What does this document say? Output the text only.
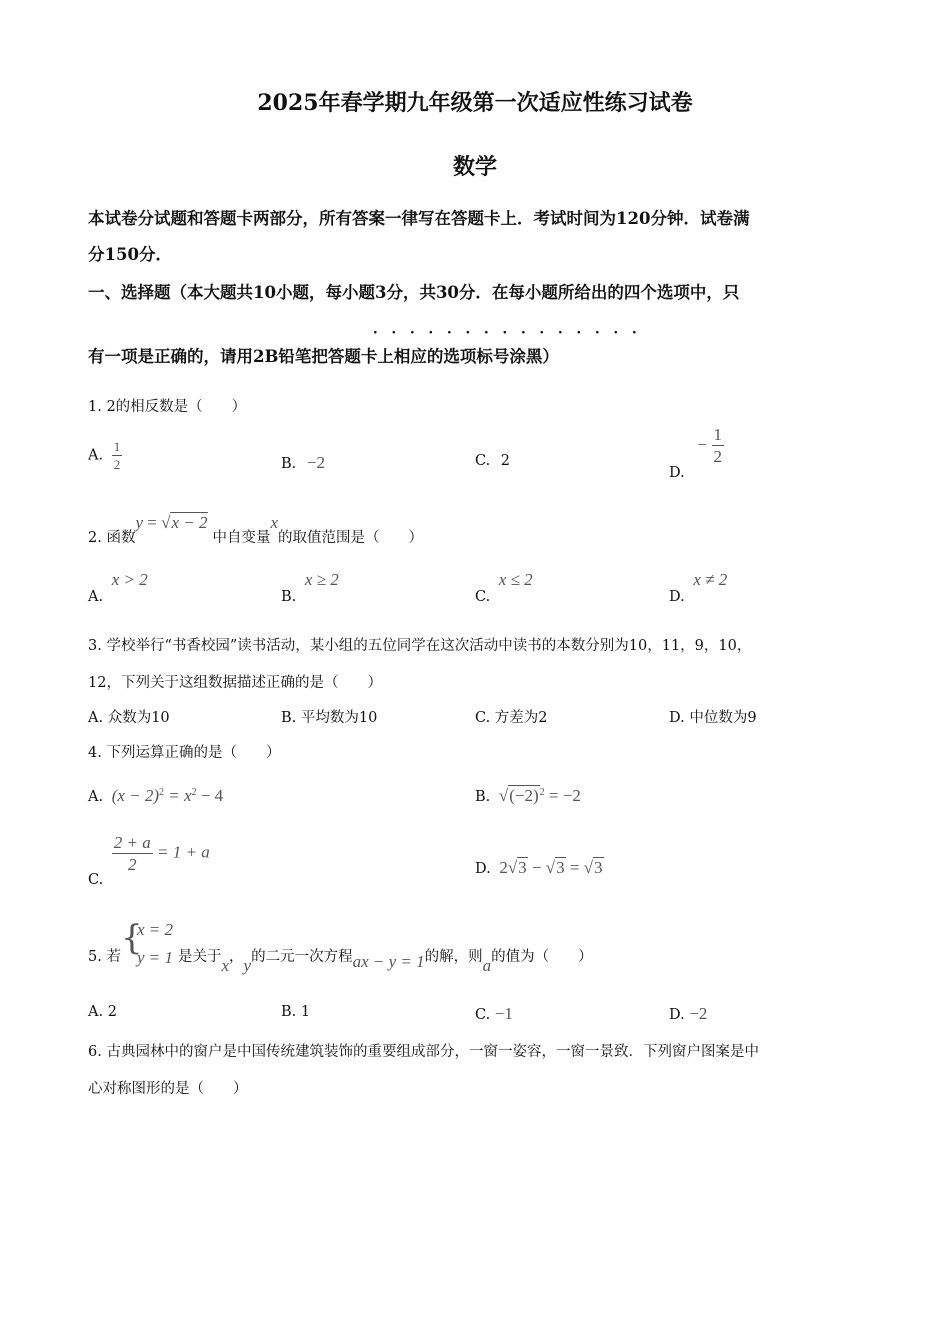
2025年春学期九年级第一次适应性练习试卷
数学
本试卷分试题和答题卡两部分，所有答案一律写在答题卡上．考试时间为120分钟．试卷满
分150分．
一、选择题（本大题共10小题，每小题3分，共30分．在每小题所给出的四个选项中，只
· · · · · · · · · · · · · · ·
有一项是正确的，请用2B铅笔把答题卡上相应的选项标号涂黑）
1. 2的相反数是（　　）
A. $\frac{1}{2}$	B. −2	C. 2
D. − $\frac{1}{2}$
2. 函数y = √x − 2中自变量x的取值范围是（　　）
A. x > 2
B. x ≥ 2
C. x ≤ 2
D. x ≠ 2
3. 学校举行“书香校园”读书活动，某小组的五位同学在这次活动中读书的本数分别为10，11，9，10，
12，下列关于这组数据描述正确的是（　　）
A. 众数为10	B. 平均数为10	C. 方差为2	D. 中位数为9
4. 下列运算正确的是（　　）
A. $(x - 2)^2 = x^2 - 4$	B. $√(-2)^2 = -2$
C.
$\frac{2 + a}{2} = 1 + a$
D. 2√3 − √3 = √3
5. 若 {
x = 2
y = 1 是关于x，y的二元一次方程ax − y = 1的解，则a的值为（　　）
A. 2	B. 1	C. −1	D. −2
6. 古典园林中的窗户是中国传统建筑装饰的重要组成部分，一窗一姿容，一窗一景致．下列窗户图案是中
心对称图形的是（　　）
